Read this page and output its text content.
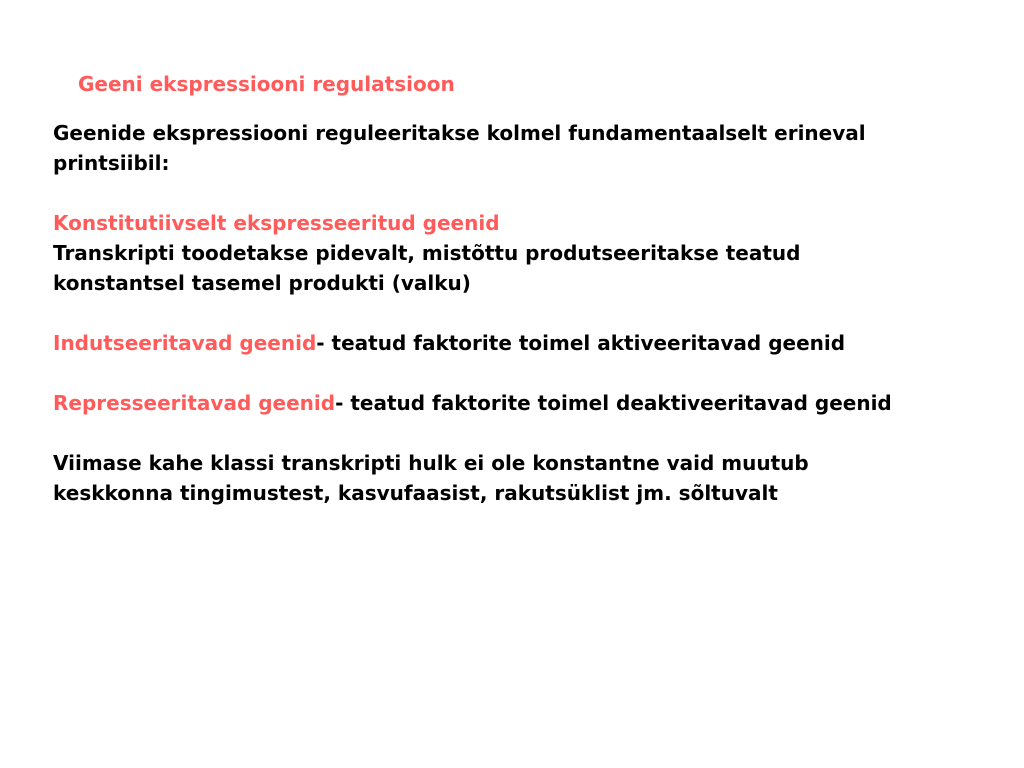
Geeni ekspressiooni regulatsioon
Geenide ekspressiooni reguleeritakse kolmel fundamentaalselt erineval
printsiibil:
Konstitutiivselt ekspresseeritud geenid
Transkripti toodetakse pidevalt, mistõttu produtseeritakse teatud
konstantsel tasemel produkti (valku)
Indutseeritavad geenid- teatud faktorite toimel aktiveeritavad geenid
Represseeritavad geenid- teatud faktorite toimel deaktiveeritavad geenid
Viimase kahe klassi transkripti hulk ei ole konstantne vaid muutub
keskkonna tingimustest, kasvufaasist, rakutsüklist jm. sõltuvalt
